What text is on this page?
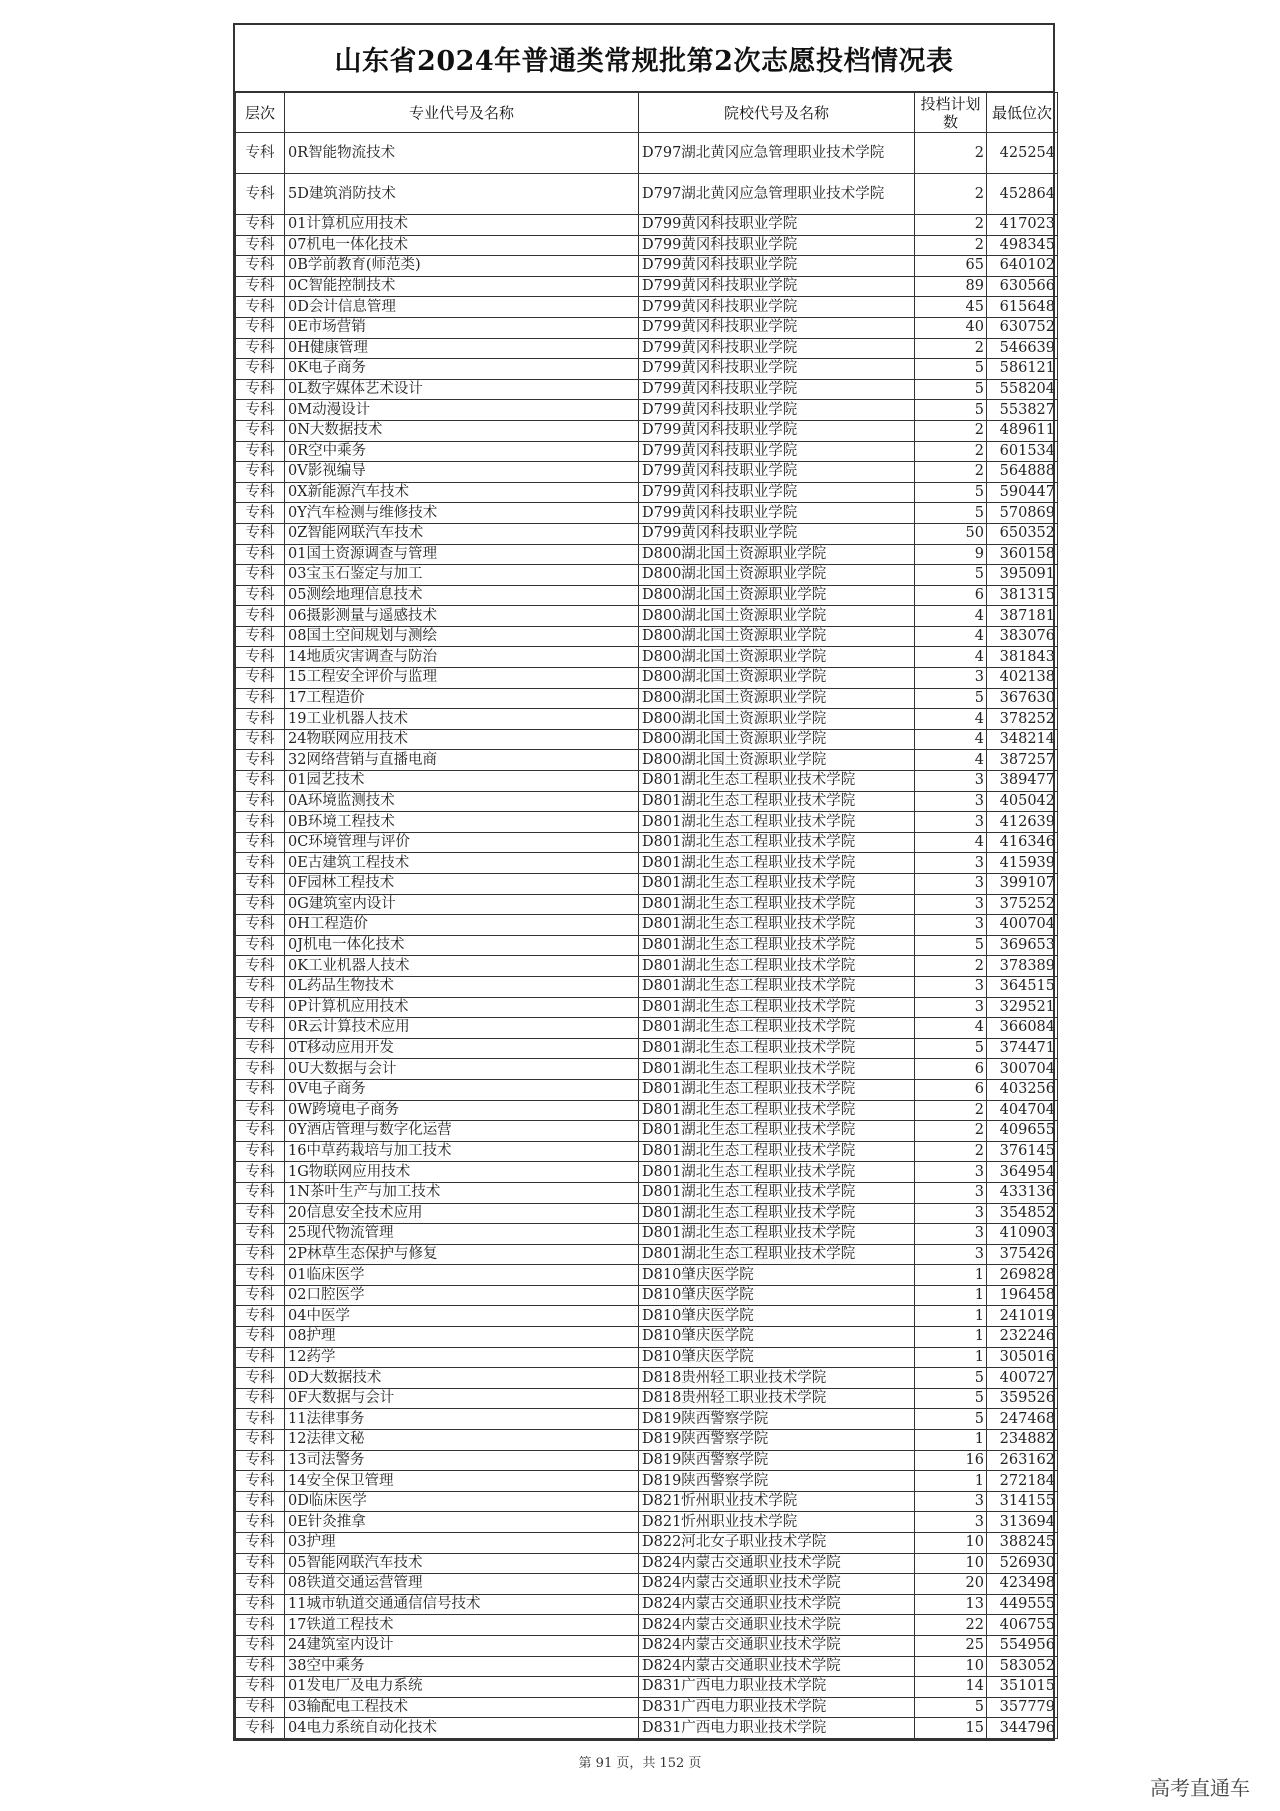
山东省2024年普通类常规批第2次志愿投档情况表
层次	专业代号及名称	院校代号及名称	投档计划数	最低位次
专科	0R智能物流技术	D797湖北黄冈应急管理职业技术学院	2	425254
专科	5D建筑消防技术	D797湖北黄冈应急管理职业技术学院	2	452864
专科	01计算机应用技术	D799黄冈科技职业学院	2	417023
专科	07机电一体化技术	D799黄冈科技职业学院	2	498345
专科	0B学前教育(师范类)	D799黄冈科技职业学院	65	640102
专科	0C智能控制技术	D799黄冈科技职业学院	89	630566
专科	0D会计信息管理	D799黄冈科技职业学院	45	615648
专科	0E市场营销	D799黄冈科技职业学院	40	630752
专科	0H健康管理	D799黄冈科技职业学院	2	546639
专科	0K电子商务	D799黄冈科技职业学院	5	586121
专科	0L数字媒体艺术设计	D799黄冈科技职业学院	5	558204
专科	0M动漫设计	D799黄冈科技职业学院	5	553827
专科	0N大数据技术	D799黄冈科技职业学院	2	489611
专科	0R空中乘务	D799黄冈科技职业学院	2	601534
专科	0V影视编导	D799黄冈科技职业学院	2	564888
专科	0X新能源汽车技术	D799黄冈科技职业学院	5	590447
专科	0Y汽车检测与维修技术	D799黄冈科技职业学院	5	570869
专科	0Z智能网联汽车技术	D799黄冈科技职业学院	50	650352
专科	01国土资源调查与管理	D800湖北国土资源职业学院	9	360158
专科	03宝玉石鉴定与加工	D800湖北国土资源职业学院	5	395091
专科	05测绘地理信息技术	D800湖北国土资源职业学院	6	381315
专科	06摄影测量与遥感技术	D800湖北国土资源职业学院	4	387181
专科	08国土空间规划与测绘	D800湖北国土资源职业学院	4	383076
专科	14地质灾害调查与防治	D800湖北国土资源职业学院	4	381843
专科	15工程安全评价与监理	D800湖北国土资源职业学院	3	402138
专科	17工程造价	D800湖北国土资源职业学院	5	367630
专科	19工业机器人技术	D800湖北国土资源职业学院	4	378252
专科	24物联网应用技术	D800湖北国土资源职业学院	4	348214
专科	32网络营销与直播电商	D800湖北国土资源职业学院	4	387257
专科	01园艺技术	D801湖北生态工程职业技术学院	3	389477
专科	0A环境监测技术	D801湖北生态工程职业技术学院	3	405042
专科	0B环境工程技术	D801湖北生态工程职业技术学院	3	412639
专科	0C环境管理与评价	D801湖北生态工程职业技术学院	4	416346
专科	0E古建筑工程技术	D801湖北生态工程职业技术学院	3	415939
专科	0F园林工程技术	D801湖北生态工程职业技术学院	3	399107
专科	0G建筑室内设计	D801湖北生态工程职业技术学院	3	375252
专科	0H工程造价	D801湖北生态工程职业技术学院	3	400704
专科	0J机电一体化技术	D801湖北生态工程职业技术学院	5	369653
专科	0K工业机器人技术	D801湖北生态工程职业技术学院	2	378389
专科	0L药品生物技术	D801湖北生态工程职业技术学院	3	364515
专科	0P计算机应用技术	D801湖北生态工程职业技术学院	3	329521
专科	0R云计算技术应用	D801湖北生态工程职业技术学院	4	366084
专科	0T移动应用开发	D801湖北生态工程职业技术学院	5	374471
专科	0U大数据与会计	D801湖北生态工程职业技术学院	6	300704
专科	0V电子商务	D801湖北生态工程职业技术学院	6	403256
专科	0W跨境电子商务	D801湖北生态工程职业技术学院	2	404704
专科	0Y酒店管理与数字化运营	D801湖北生态工程职业技术学院	2	409655
专科	16中草药栽培与加工技术	D801湖北生态工程职业技术学院	2	376145
专科	1G物联网应用技术	D801湖北生态工程职业技术学院	3	364954
专科	1N茶叶生产与加工技术	D801湖北生态工程职业技术学院	3	433136
专科	20信息安全技术应用	D801湖北生态工程职业技术学院	3	354852
专科	25现代物流管理	D801湖北生态工程职业技术学院	3	410903
专科	2P林草生态保护与修复	D801湖北生态工程职业技术学院	3	375426
专科	01临床医学	D810肇庆医学院	1	269828
专科	02口腔医学	D810肇庆医学院	1	196458
专科	04中医学	D810肇庆医学院	1	241019
专科	08护理	D810肇庆医学院	1	232246
专科	12药学	D810肇庆医学院	1	305016
专科	0D大数据技术	D818贵州轻工职业技术学院	5	400727
专科	0F大数据与会计	D818贵州轻工职业技术学院	5	359526
专科	11法律事务	D819陕西警察学院	5	247468
专科	12法律文秘	D819陕西警察学院	1	234882
专科	13司法警务	D819陕西警察学院	16	263162
专科	14安全保卫管理	D819陕西警察学院	1	272184
专科	0D临床医学	D821忻州职业技术学院	3	314155
专科	0E针灸推拿	D821忻州职业技术学院	3	313694
专科	03护理	D822河北女子职业技术学院	10	388245
专科	05智能网联汽车技术	D824内蒙古交通职业技术学院	10	526930
专科	08铁道交通运营管理	D824内蒙古交通职业技术学院	20	423498
专科	11城市轨道交通通信信号技术	D824内蒙古交通职业技术学院	13	449555
专科	17铁道工程技术	D824内蒙古交通职业技术学院	22	406755
专科	24建筑室内设计	D824内蒙古交通职业技术学院	25	554956
专科	38空中乘务	D824内蒙古交通职业技术学院	10	583052
专科	01发电厂及电力系统	D831广西电力职业技术学院	14	351015
专科	03输配电工程技术	D831广西电力职业技术学院	5	357779
专科	04电力系统自动化技术	D831广西电力职业技术学院	15	344796
第 91 页，共 152 页
高考直通车
